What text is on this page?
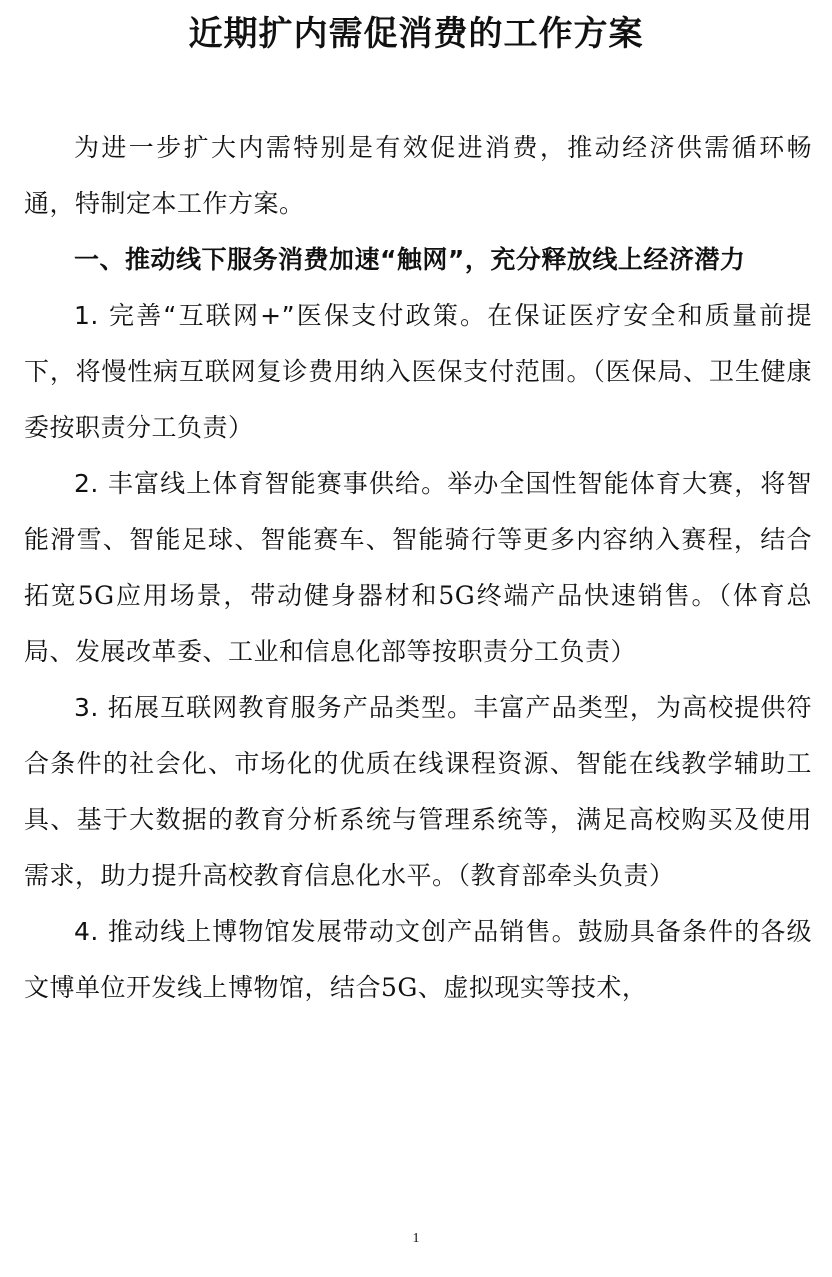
近期扩内需促消费的工作方案

为进一步扩大内需特别是有效促进消费，推动经济供需循环畅通，特制定本工作方案。

一、推动线下服务消费加速“触网”，充分释放线上经济潜力

1. 完善“互联网+”医保支付政策。在保证医疗安全和质量前提下，将慢性病互联网复诊费用纳入医保支付范围。（医保局、卫生健康委按职责分工负责）

2. 丰富线上体育智能赛事供给。举办全国性智能体育大赛，将智能滑雪、智能足球、智能赛车、智能骑行等更多内容纳入赛程，结合拓宽5G应用场景，带动健身器材和5G终端产品快速销售。（体育总局、发展改革委、工业和信息化部等按职责分工负责）

3. 拓展互联网教育服务产品类型。丰富产品类型，为高校提供符合条件的社会化、市场化的优质在线课程资源、智能在线教学辅助工具、基于大数据的教育分析系统与管理系统等，满足高校购买及使用需求，助力提升高校教育信息化水平。（教育部牵头负责）

4. 推动线上博物馆发展带动文创产品销售。鼓励具备条件的各级文博单位开发线上博物馆，结合5G、虚拟现实等技术，

1
